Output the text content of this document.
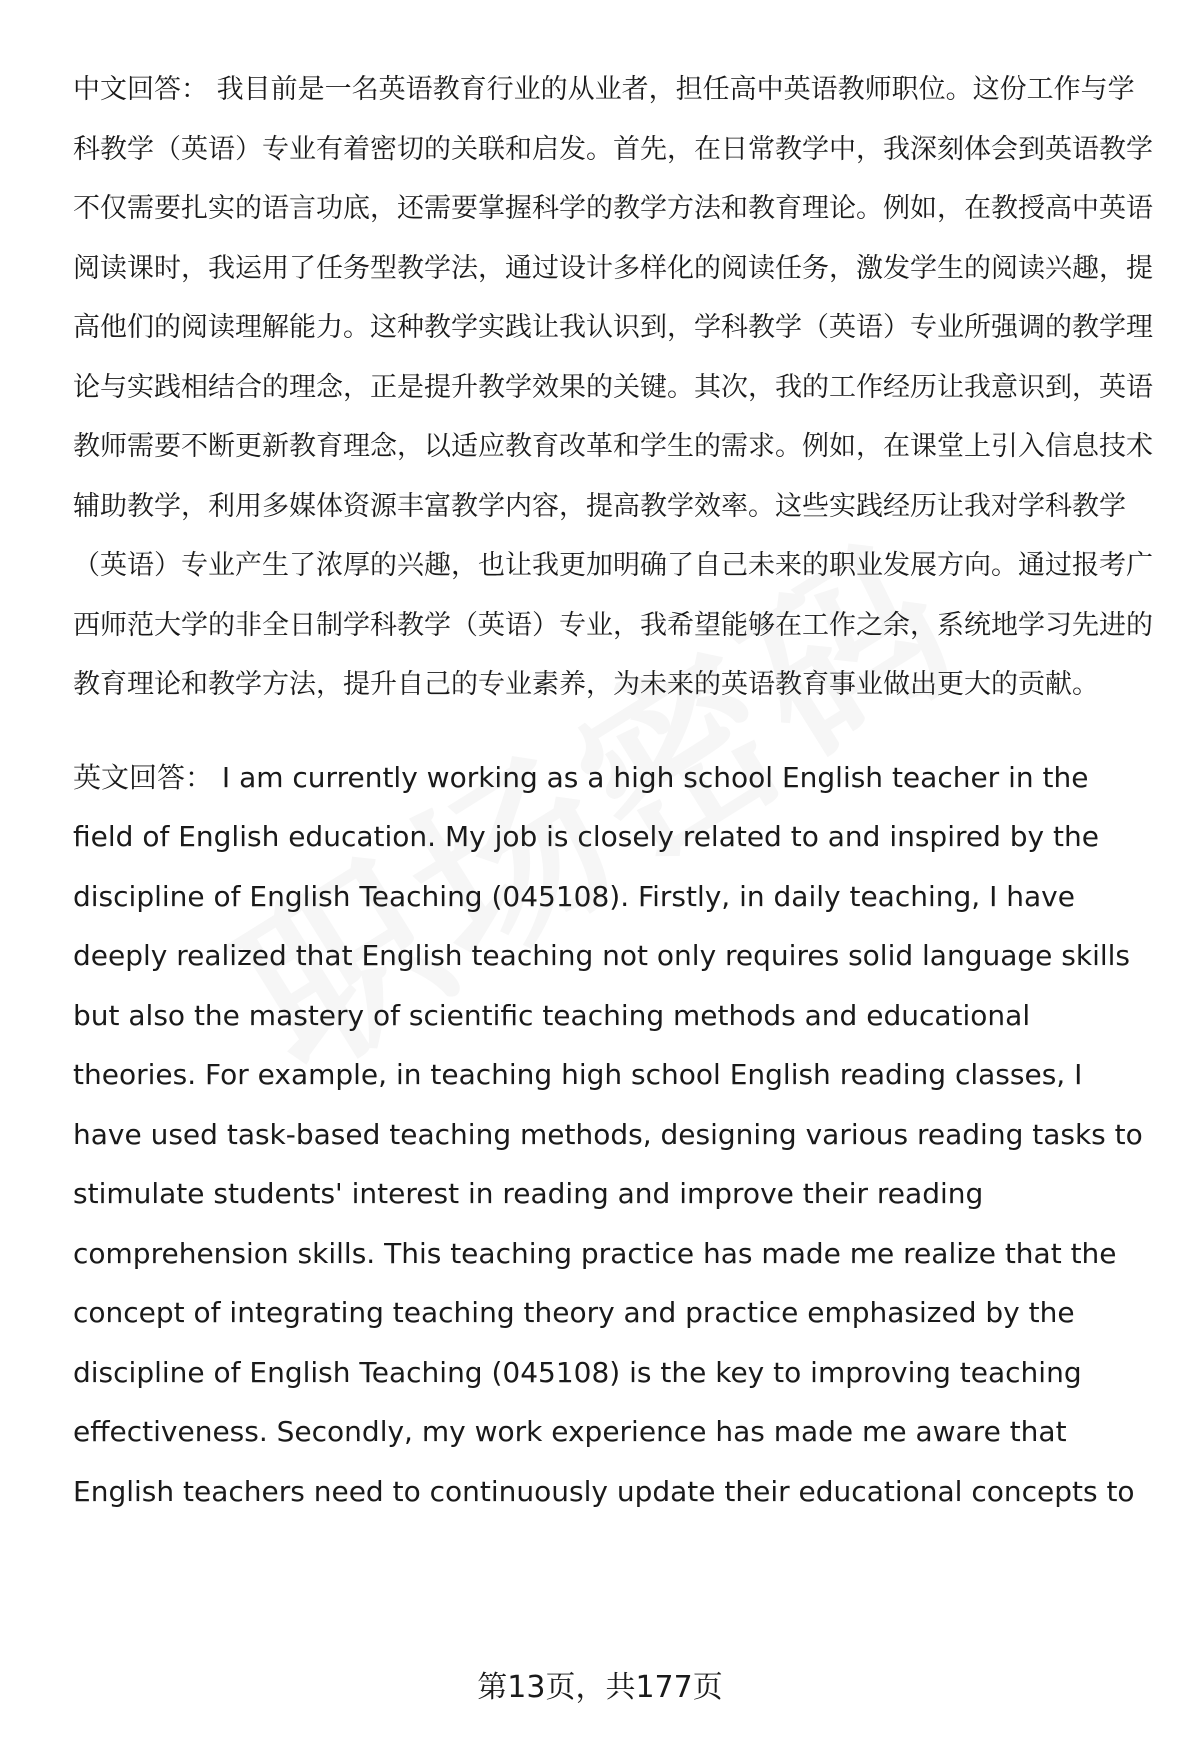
中文回答： 我目前是一名英语教育行业的从业者，担任高中英语教师职位。这份工作与学科教学（英语）专业有着密切的关联和启发。首先，在日常教学中，我深刻体会到英语教学不仅需要扎实的语言功底，还需要掌握科学的教学方法和教育理论。例如，在教授高中英语阅读课时，我运用了任务型教学法，通过设计多样化的阅读任务，激发学生的阅读兴趣，提高他们的阅读理解能力。这种教学实践让我认识到，学科教学（英语）专业所强调的教学理论与实践相结合的理念，正是提升教学效果的关键。其次，我的工作经历让我意识到，英语教师需要不断更新教育理念，以适应教育改革和学生的需求。例如，在课堂上引入信息技术辅助教学，利用多媒体资源丰富教学内容，提高教学效率。这些实践经历让我对学科教学（英语）专业产生了浓厚的兴趣，也让我更加明确了自己未来的职业发展方向。通过报考广西师范大学的非全日制学科教学（英语）专业，我希望能够在工作之余，系统地学习先进的教育理论和教学方法，提升自己的专业素养，为未来的英语教育事业做出更大的贡献。

英文回答： I am currently working as a high school English teacher in the field of English education. My job is closely related to and inspired by the discipline of English Teaching (045108). Firstly, in daily teaching, I have deeply realized that English teaching not only requires solid language skills but also the mastery of scientific teaching methods and educational theories. For example, in teaching high school English reading classes, I have used task-based teaching methods, designing various reading tasks to stimulate students' interest in reading and improve their reading comprehension skills. This teaching practice has made me realize that the concept of integrating teaching theory and practice emphasized by the discipline of English Teaching (045108) is the key to improving teaching effectiveness. Secondly, my work experience has made me aware that English teachers need to continuously update their educational concepts to

第13页，共177页
